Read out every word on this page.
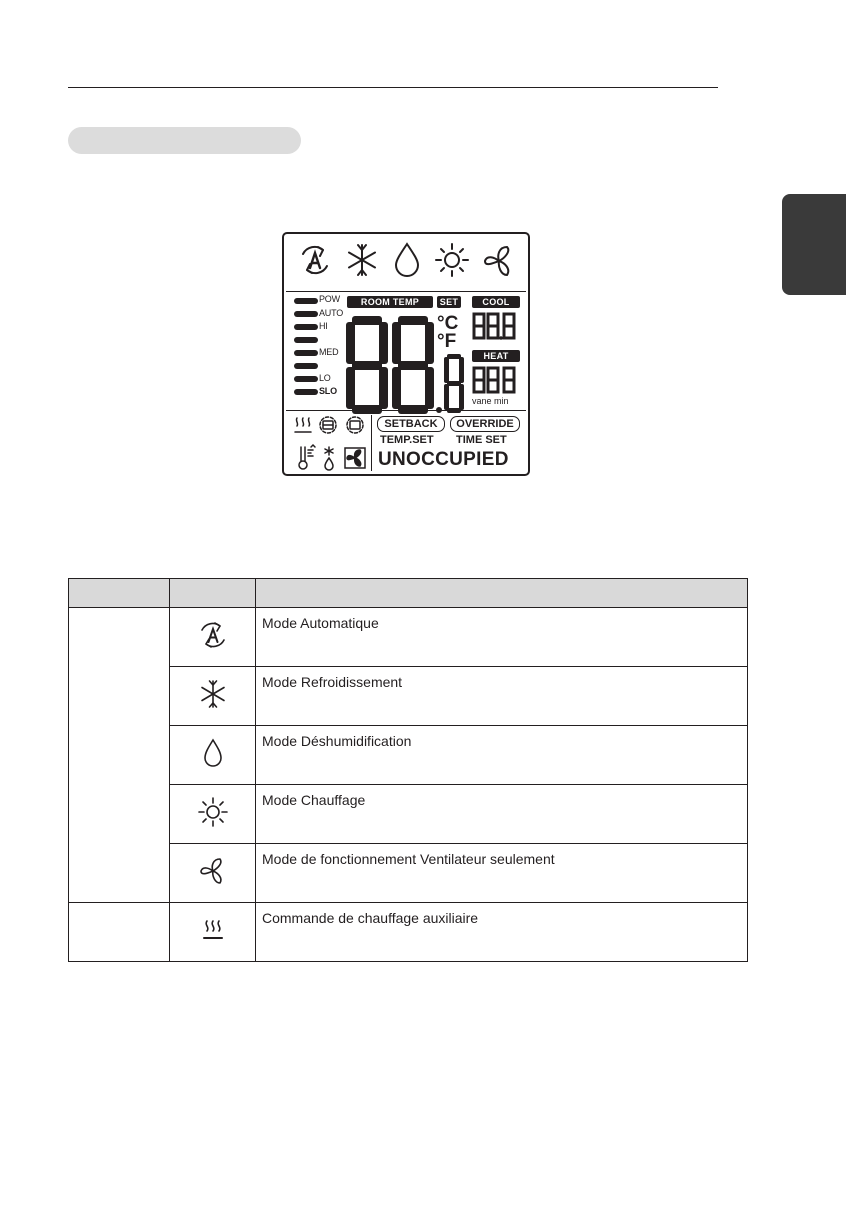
POW
AUTO
HI
MED
LO
SLO
ROOM TEMP	SET	COOL
HEAT
°C
°F
vane min
SETBACK	OVERRIDE
TEMP.SET TIME SET
UNOCCUPIED

Mode Automatique

Mode Refroidissement

Mode Déshumidification

Mode Chauffage

Mode de fonctionnement Ventilateur seulement

Commande de chauffage auxiliaire
